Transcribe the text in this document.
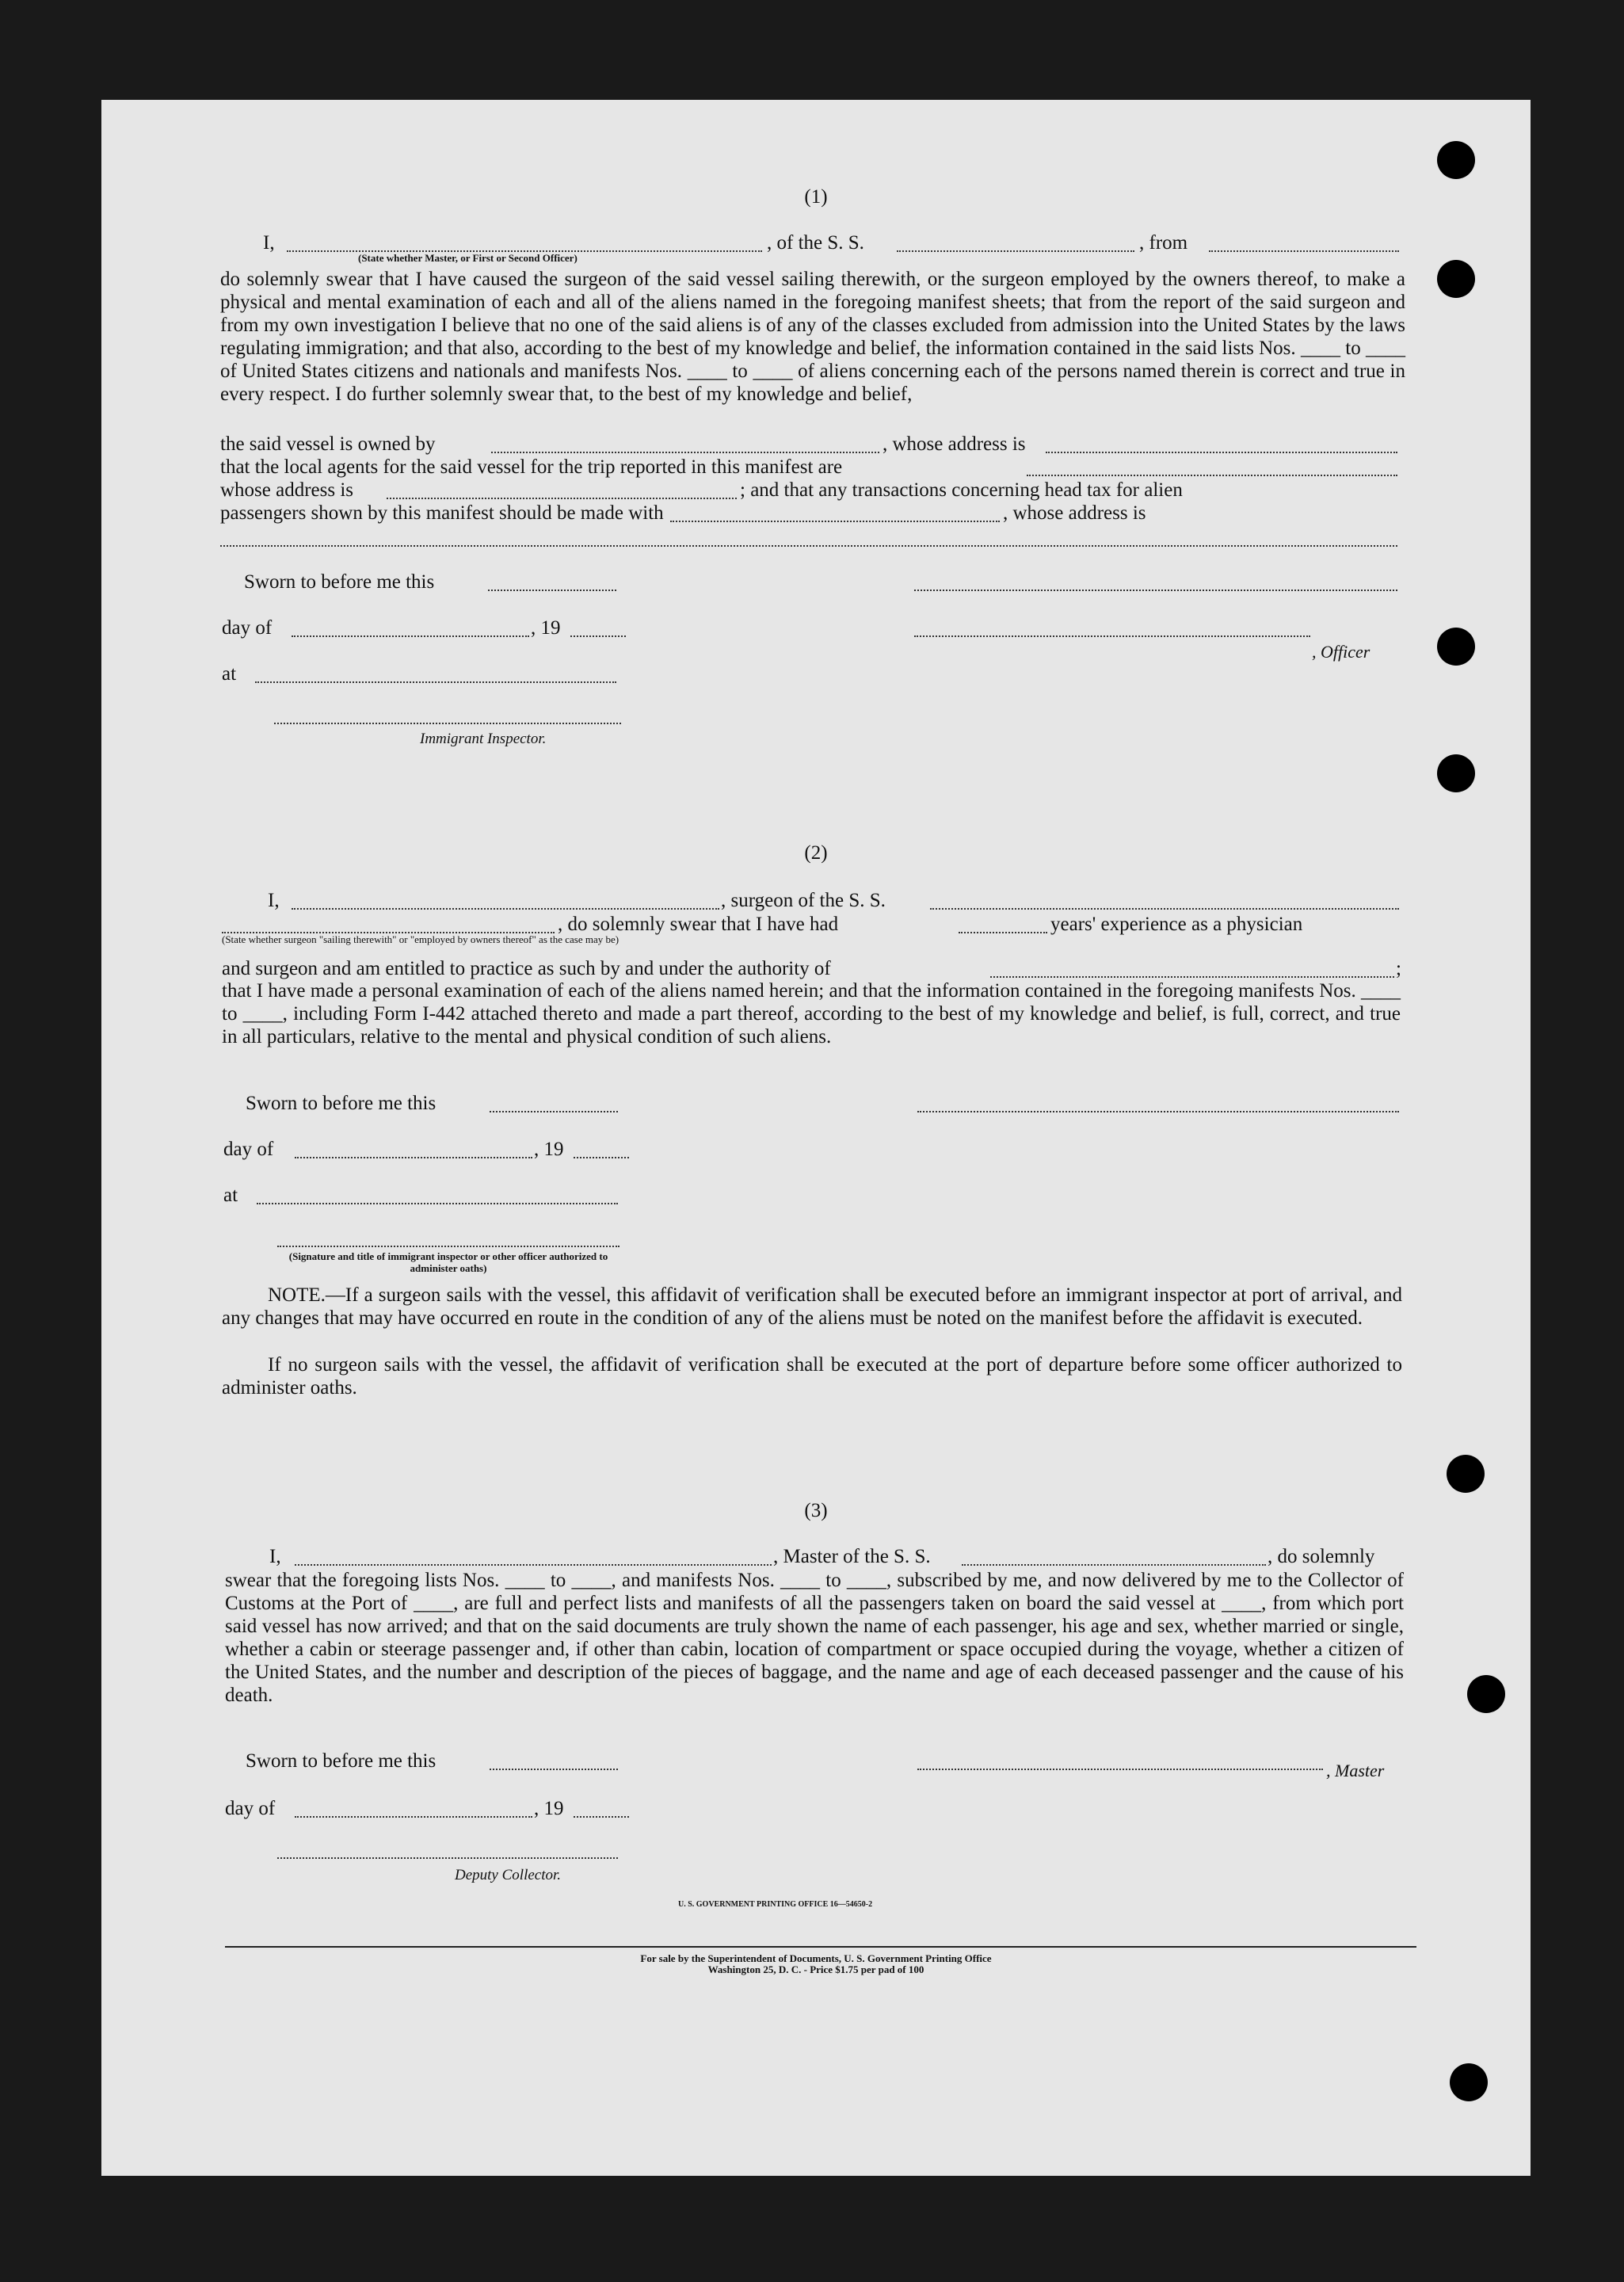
(1)
I,	, of the S. S.	, from
(State whether Master, or First or Second Officer)
do solemnly swear that I have caused the surgeon of the said vessel sailing therewith, or the surgeon employed by the owners thereof, to make a physical and mental examination of each and all of the aliens named in the foregoing manifest sheets; that from the report of the said surgeon and from my own investigation I believe that no one of the said aliens is of any of the classes excluded from admission into the United States by the laws regulating immigration; and that also, according to the best of my knowledge and belief, the information contained in the said lists Nos. ____ to ____ of United States citizens and nationals and manifests Nos. ____ to ____ of aliens concerning each of the persons named therein is correct and true in every respect. I do further solemnly swear that, to the best of my knowledge and belief,
the said vessel is owned by	, whose address is
that the local agents for the said vessel for the trip reported in this manifest are
whose address is	; and that any transactions concerning head tax for alien
passengers shown by this manifest should be made with	, whose address is
Sworn to before me this
day of	, 19
, Officer
at
Immigrant Inspector.
(2)
I,	, surgeon of the S. S.
, do solemnly swear that I have had	years' experience as a physician
(State whether surgeon "sailing therewith" or "employed by owners thereof" as the case may be)
and surgeon and am entitled to practice as such by and under the authority of	;
that I have made a personal examination of each of the aliens named herein; and that the information contained in the foregoing manifests Nos. ____ to ____, including Form I-442 attached thereto and made a part thereof, according to the best of my knowledge and belief, is full, correct, and true in all particulars, relative to the mental and physical condition of such aliens.
Sworn to before me this
day of	, 19
at
(Signature and title of immigrant inspector or other officer authorized to administer oaths)
NOTE.—If a surgeon sails with the vessel, this affidavit of verification shall be executed before an immigrant inspector at port of arrival, and any changes that may have occurred en route in the condition of any of the aliens must be noted on the manifest before the affidavit is executed.
If no surgeon sails with the vessel, the affidavit of verification shall be executed at the port of departure before some officer authorized to administer oaths.
(3)
I,	, Master of the S. S.	, do solemnly
swear that the foregoing lists Nos. ____ to ____, and manifests Nos. ____ to ____, subscribed by me, and now delivered by me to the Collector of Customs at the Port of ____, are full and perfect lists and manifests of all the passengers taken on board the said vessel at ____, from which port said vessel has now arrived; and that on the said documents are truly shown the name of each passenger, his age and sex, whether married or single, whether a cabin or steerage passenger and, if other than cabin, location of compartment or space occupied during the voyage, whether a citizen of the United States, and the number and description of the pieces of baggage, and the name and age of each deceased passenger and the cause of his death.
Sworn to before me this	, Master
day of	, 19
Deputy Collector.
U. S. GOVERNMENT PRINTING OFFICE 16—54650-2
For sale by the Superintendent of Documents, U. S. Government Printing Office
Washington 25, D. C. - Price $1.75 per pad of 100
